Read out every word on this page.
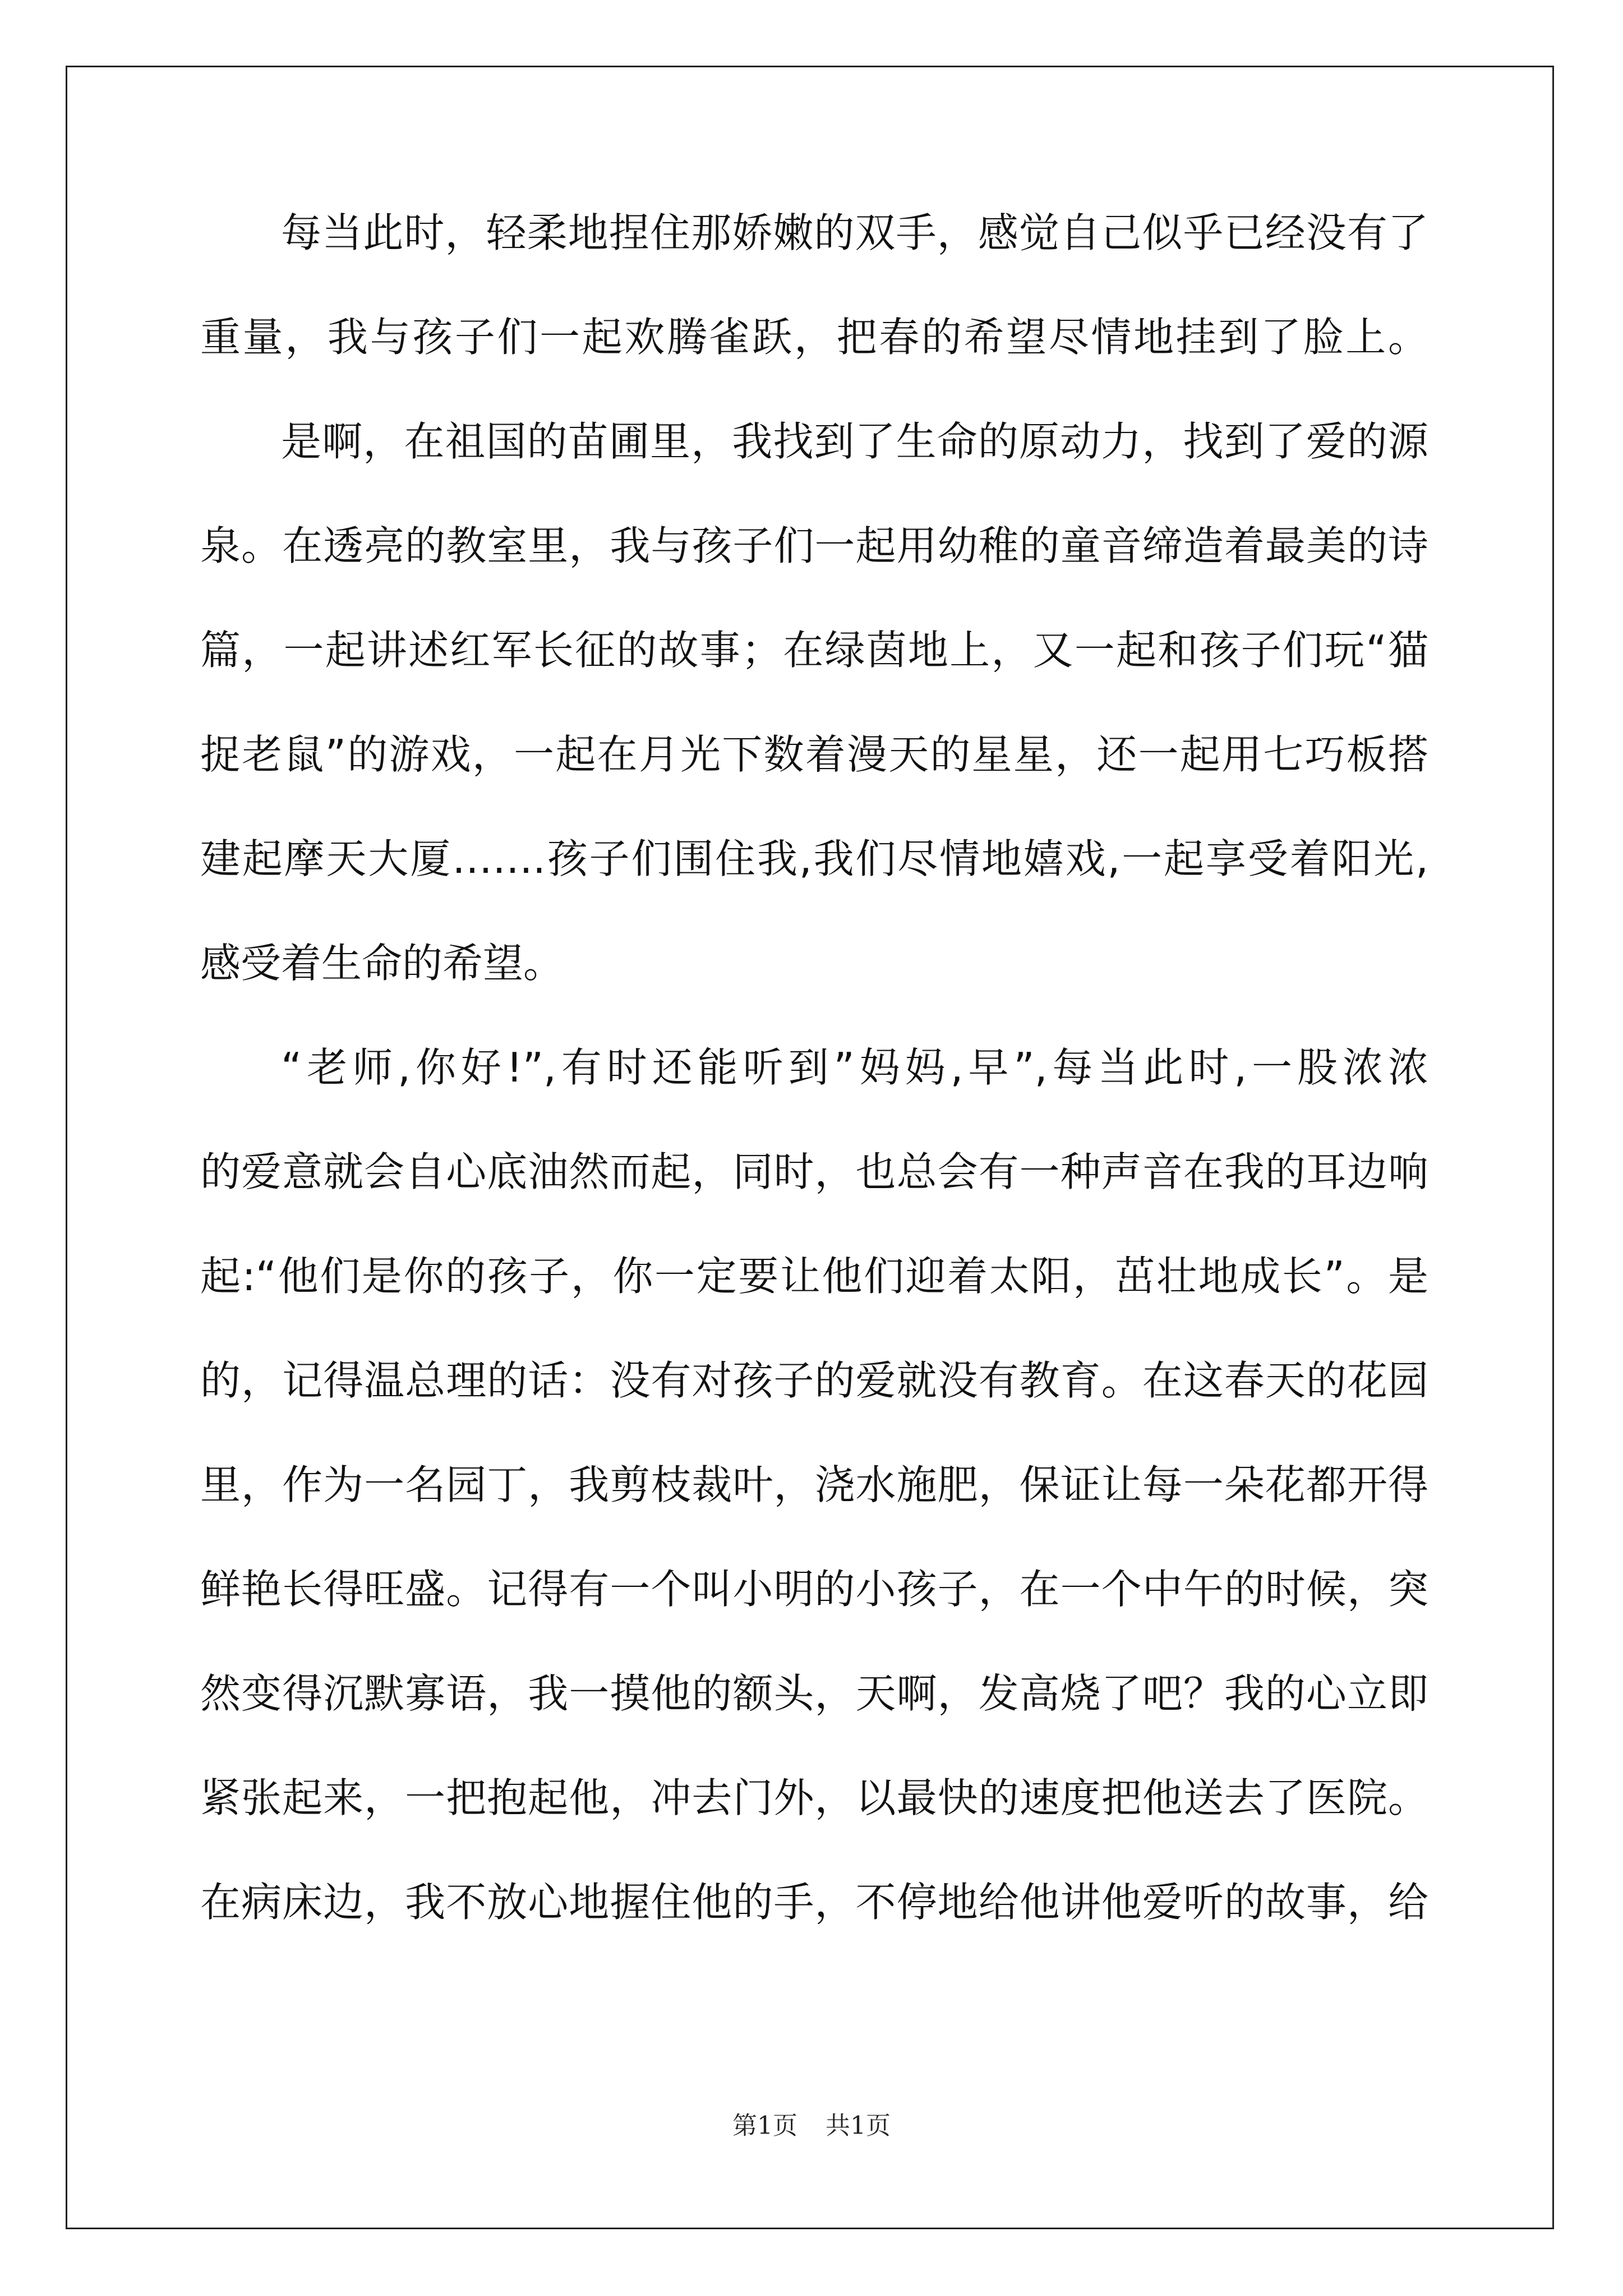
每当此时，轻柔地捏住那娇嫩的双手，感觉自己似乎已经没有了
重量，我与孩子们一起欢腾雀跃，把春的希望尽情地挂到了脸上。
是啊，在祖国的苗圃里，我找到了生命的原动力，找到了爱的源
泉。在透亮的教室里，我与孩子们一起用幼稚的童音缔造着最美的诗
篇，一起讲述红军长征的故事；在绿茵地上，又一起和孩子们玩“猫
捉老鼠”的游戏，一起在月光下数着漫天的星星，还一起用七巧板搭
建起摩天大厦…….孩子们围住我,我们尽情地嬉戏,一起享受着阳光,
感受着生命的希望。
“老师,你好!”,有时还能听到”妈妈,早”,每当此时,一股浓浓
的爱意就会自心底油然而起，同时，也总会有一种声音在我的耳边响
起:“他们是你的孩子，你一定要让他们迎着太阳，茁壮地成长”。是
的，记得温总理的话：没有对孩子的爱就没有教育。在这春天的花园
里，作为一名园丁，我剪枝裁叶，浇水施肥，保证让每一朵花都开得
鲜艳长得旺盛。记得有一个叫小明的小孩子，在一个中午的时候，突
然变得沉默寡语，我一摸他的额头，天啊，发高烧了吧？我的心立即
紧张起来，一把抱起他，冲去门外，以最快的速度把他送去了医院。
在病床边，我不放心地握住他的手，不停地给他讲他爱听的故事，给
第1页 共1页
